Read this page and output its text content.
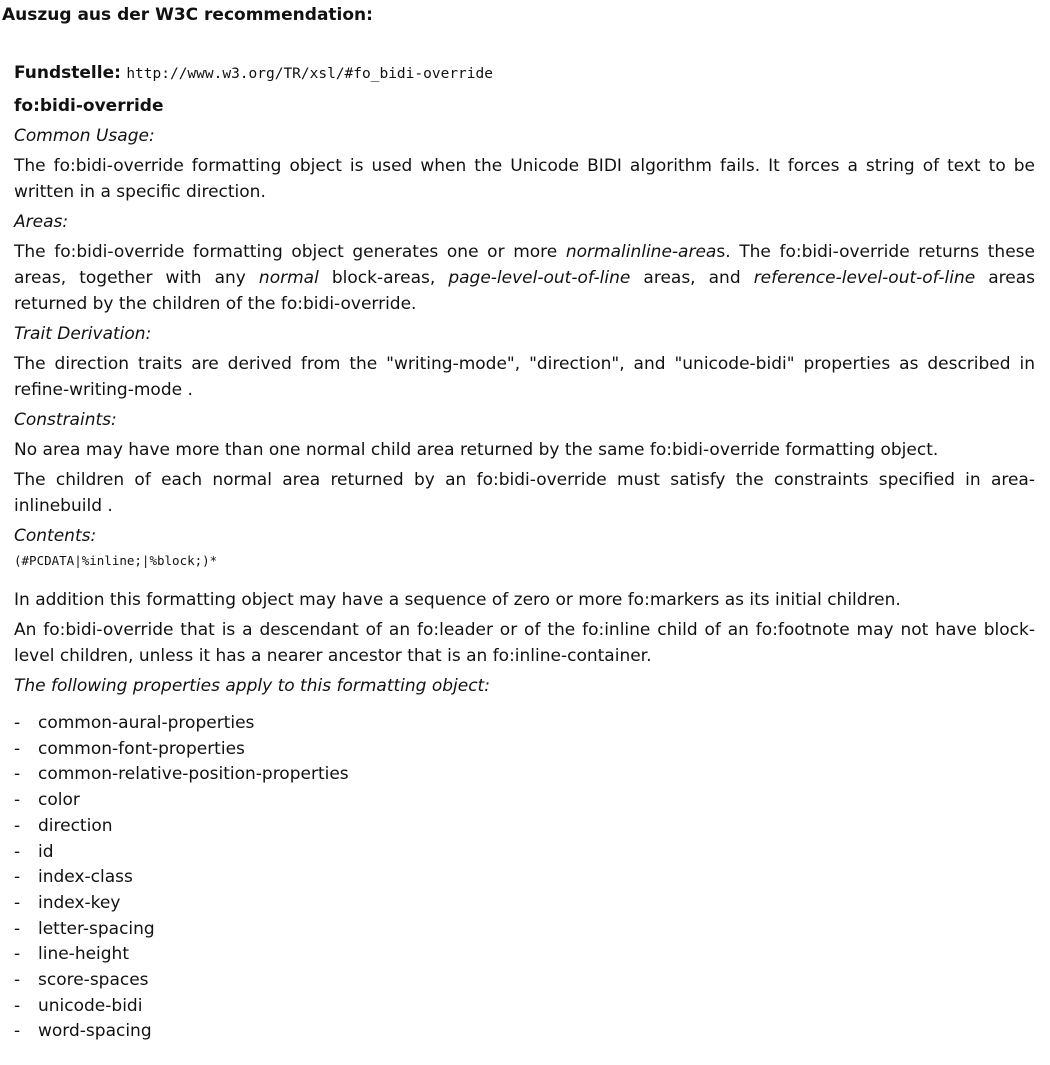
Auszug aus der W3C recommendation:

Fundstelle: http://www.w3.org/TR/xsl/#fo_bidi-override

fo:bidi-override

Common Usage:

The fo:bidi-override formatting object is used when the Unicode BIDI algorithm fails. It forces a string of text to be written in a specific direction.

Areas:

The fo:bidi-override formatting object generates one or more normalinline-areas. The fo:bidi-override returns these areas, together with any normal block-areas, page-level-out-of-line areas, and reference-level-out-of-line areas returned by the children of the fo:bidi-override.

Trait Derivation:

The direction traits are derived from the "writing-mode", "direction", and "unicode-bidi" properties as described in refine-writing-mode .

Constraints:

No area may have more than one normal child area returned by the same fo:bidi-override formatting object.

The children of each normal area returned by an fo:bidi-override must satisfy the constraints specified in area-inlinebuild .

Contents:

(#PCDATA|%inline;|%block;)*

In addition this formatting object may have a sequence of zero or more fo:markers as its initial children.

An fo:bidi-override that is a descendant of an fo:leader or of the fo:inline child of an fo:footnote may not have block-level children, unless it has a nearer ancestor that is an fo:inline-container.

The following properties apply to this formatting object:

- common-aural-properties
- common-font-properties
- common-relative-position-properties
- color
- direction
- id
- index-class
- index-key
- letter-spacing
- line-height
- score-spaces
- unicode-bidi
- word-spacing
